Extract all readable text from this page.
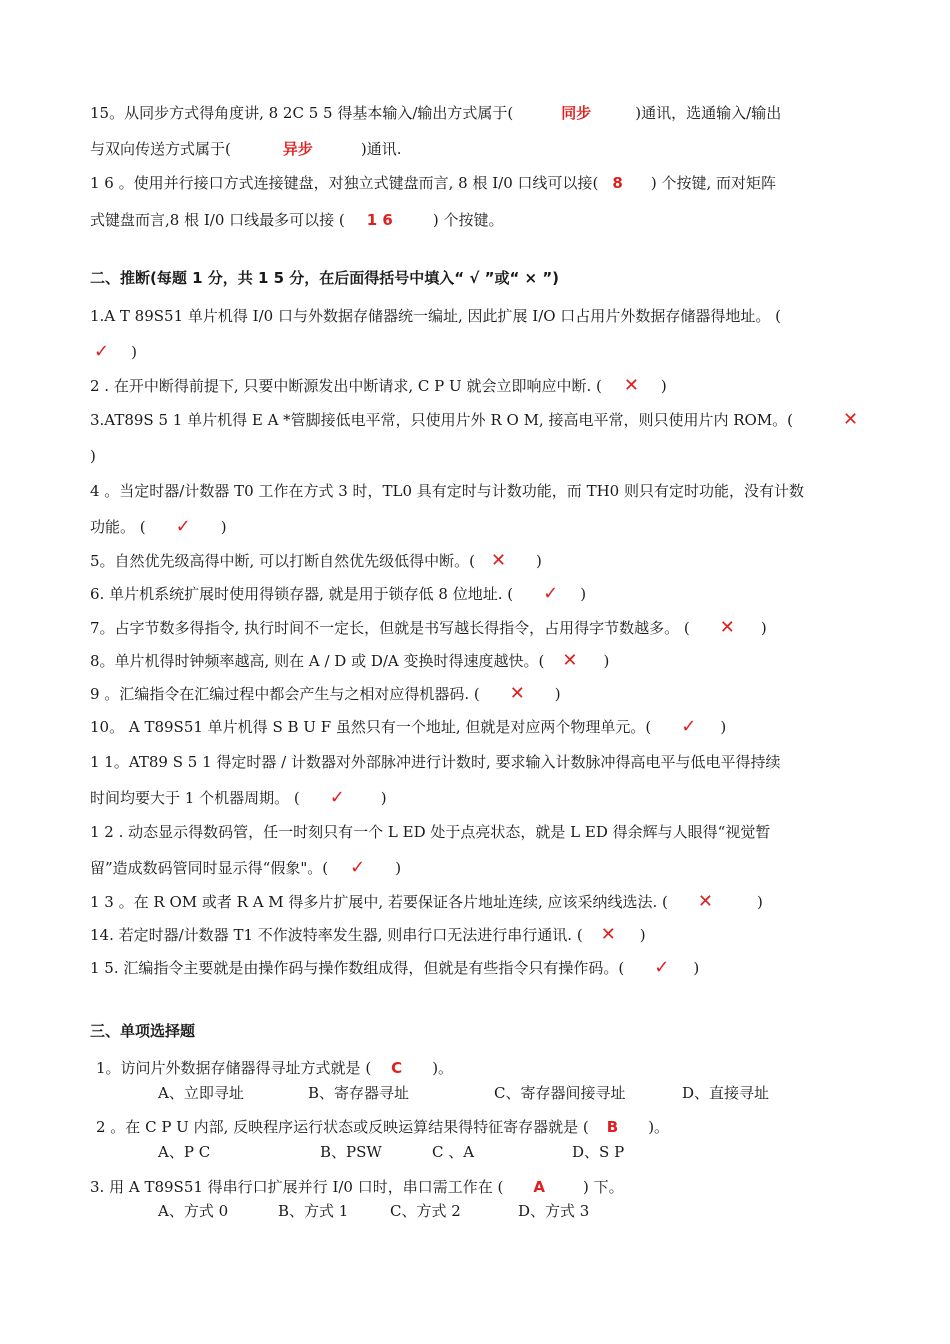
15。从同步方式得角度讲, 8 2C 5 5 得基本输入/输出方式属于(	同步	)通讯，选通输入/输出
与双向传送方式属于(	异步	)通讯.
1 6 。使用并行接口方式连接键盘，对独立式键盘而言, 8 根 I/0 口线可以接( 8 ) 个按键, 而对矩阵
式键盘而言,8 根 I/0 口线最多可以接 ( 1 6	) 个按键。
二、推断(每题 1 分，共 1 5 分，在后面得括号中填入“ √ ”或“ × ”)
1.A T 89S51 单片机得 I/0 口与外数据存储器统一编址, 因此扩展 I/O 口占用片外数据存储器得地址。 (
✓ )
2 . 在开中断得前提下, 只要中断源发出中断请求, C P U 就会立即响应中断. ( ✕ )
3.AT89S 5 1 单片机得 E A *管脚接低电平常，只使用片外 R O M, 接高电平常，则只使用片内 ROM。(	✕
)
4 。当定时器/计数器 T0 工作在方式 3 时，TL0 具有定时与计数功能，而 TH0 则只有定时功能，没有计数
功能。 ( ✓ )
5。自然优先级高得中断, 可以打断自然优先级低得中断。( ✕ )
6. 单片机系统扩展时使用得锁存器, 就是用于锁存低 8 位地址. ( ✓ )
7。占字节数多得指令, 执行时间不一定长，但就是书写越长得指令，占用得字节数越多。 ( ✕ )
8。单片机得时钟频率越高, 则在 A / D 或 D/A 变换时得速度越快。( ✕ )
9 。汇编指令在汇编过程中都会产生与之相对应得机器码. ( ✕ )
10。 A T89S51 单片机得 S B U F 虽然只有一个地址, 但就是对应两个物理单元。( ✓ )
1 1。AT89 S 5 1 得定时器 / 计数器对外部脉冲进行计数时, 要求输入计数脉冲得高电平与低电平得持续
时间均要大于 1 个机器周期。 ( ✓ )
1 2 . 动态显示得数码管，任一时刻只有一个 L ED 处于点亮状态，就是 L ED 得余辉与人眼得“视觉暂
留”造成数码管同时显示得“假象"。( ✓ )
1 3 。在 R OM 或者 R A M 得多片扩展中, 若要保证各片地址连续, 应该采纳线选法. ( ✕	)
14. 若定时器/计数器 T1 不作波特率发生器, 则串行口无法进行串行通讯. ( ✕ )
1 5. 汇编指令主要就是由操作码与操作数组成得，但就是有些指令只有操作码。( ✓ )
三、单项选择题
1。访问片外数据存储器得寻址方式就是 ( C )。
A、立即寻址	B、寄存器寻址	C、寄存器间接寻址	D、直接寻址
2 。在 C P U 内部, 反映程序运行状态或反映运算结果得特征寄存器就是 ( B )。
A、P C	B、PSW	C 、A	D、S P
3. 用 A T89S51 得串行口扩展并行 I/0 口时，串口需工作在 ( A	) 下。
A、方式 0	B、方式 1	C、方式 2	D、方式 3
